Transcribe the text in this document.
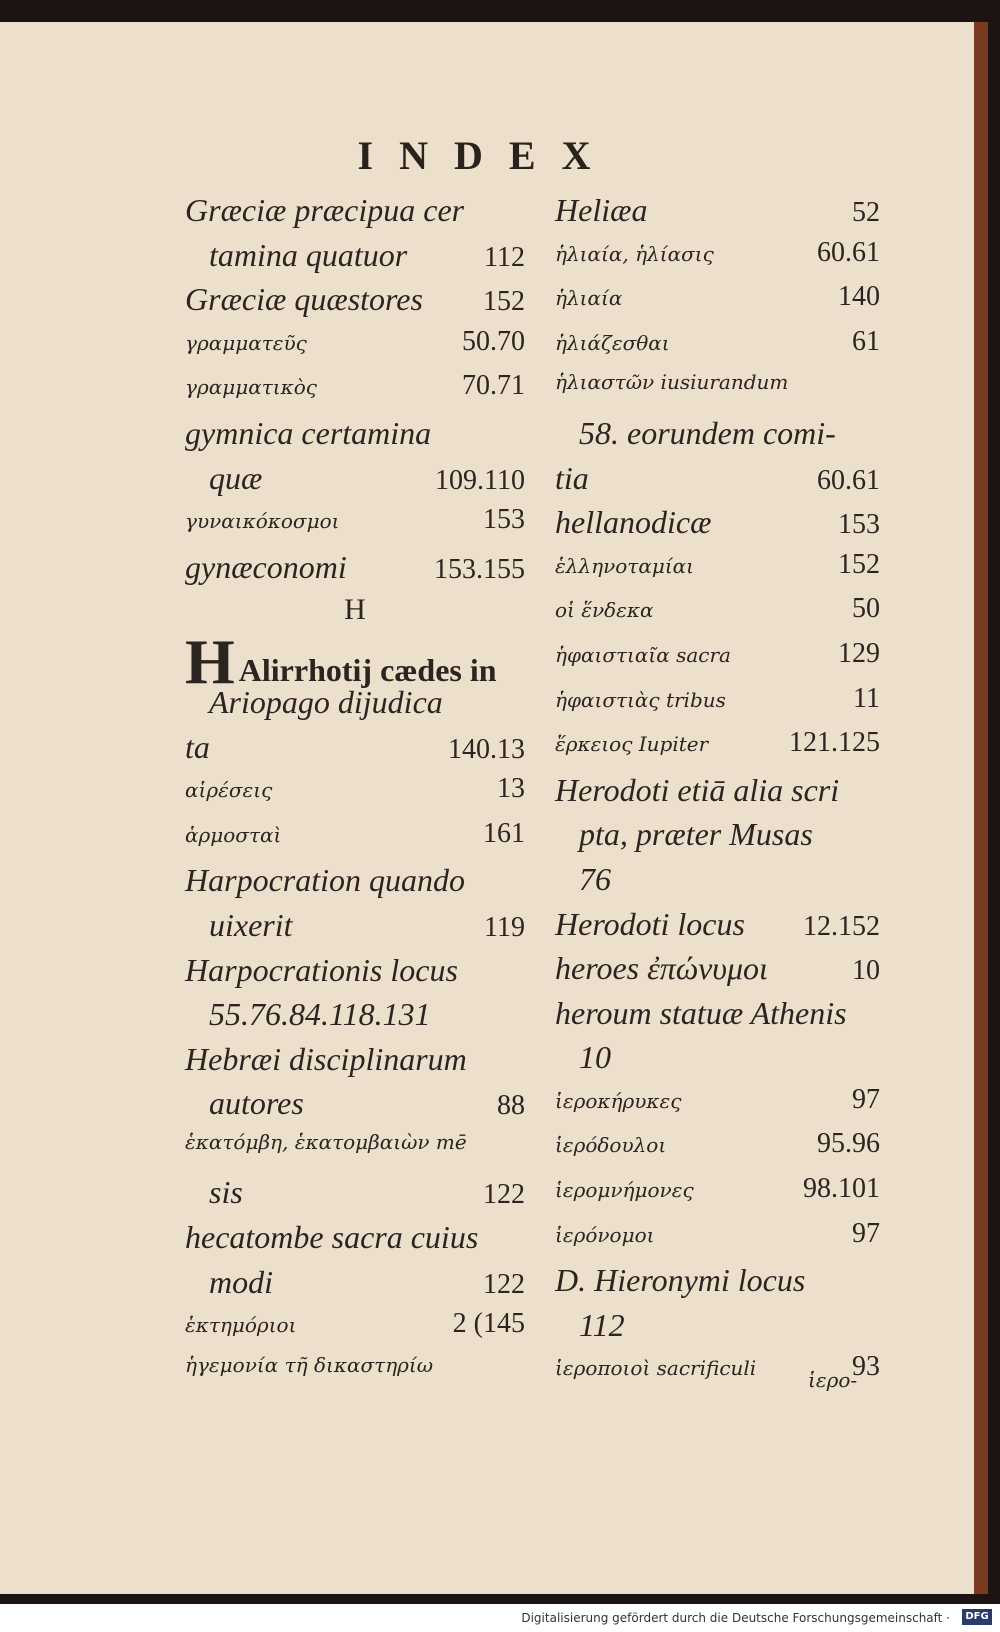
INDEX
Græciæ præcipua cer
tamina quatuor	112
Græciæ quæstores 152
γραμματεῦς	50.70
γραμματικὸς	70.71
gymnica certamina
quæ	109.110
γυναικόκοσμοι	153
gynæconomi	153.155
H
H Alirrhotij cædes in
Ariopago dijudica
ta	140.13
αἱρέσεις	13
ἁρμοσταὶ	161
Harpocration quando
uixerit	119
Harpocrationis locus
55.76.84.118.131
Hebræi disciplinarum
autores	88
ἑκατόμβη, ἑκατομβαιὼν mē
sis	122
hecatombe sacra cuius
modi	122
ἑκτημόριοι	2 (145
ἡγεμονία τῆ δικαστηρίω
Heliæa	52
ἡλιαία, ἡλίασις	60.61
ἡλιαία	140
ἡλιάζεσθαι	61
ἡλιαστῶν iusiurandum
58. eorundem comi-
tia	60.61
hellanodicæ	153
ἑλληνοταμίαι	152
οἱ ἕνδεκα	50
ἡφαιστιαῖα sacra	129
ἡφαιστιὰς tribus	11
ἕρκειος Iupiter	121.125
Herodoti etiā alia scri
pta, præter Musas
76
Herodoti locus 12.152
heroes ἐπώνυμοι	10
heroum statuæ Athenis
10
ἱεροκήρυκες	97
ἱερόδουλοι	95.96
ἱερομνήμονες	98.101
ἱερόνομοι	97
D. Hieronymi locus
112
ἱεροποιοὶ sacrificuli	93
ἱερο-
Digitalisierung gefördert durch die Deutsche Forschungsgemeinschaft ·	DFG
